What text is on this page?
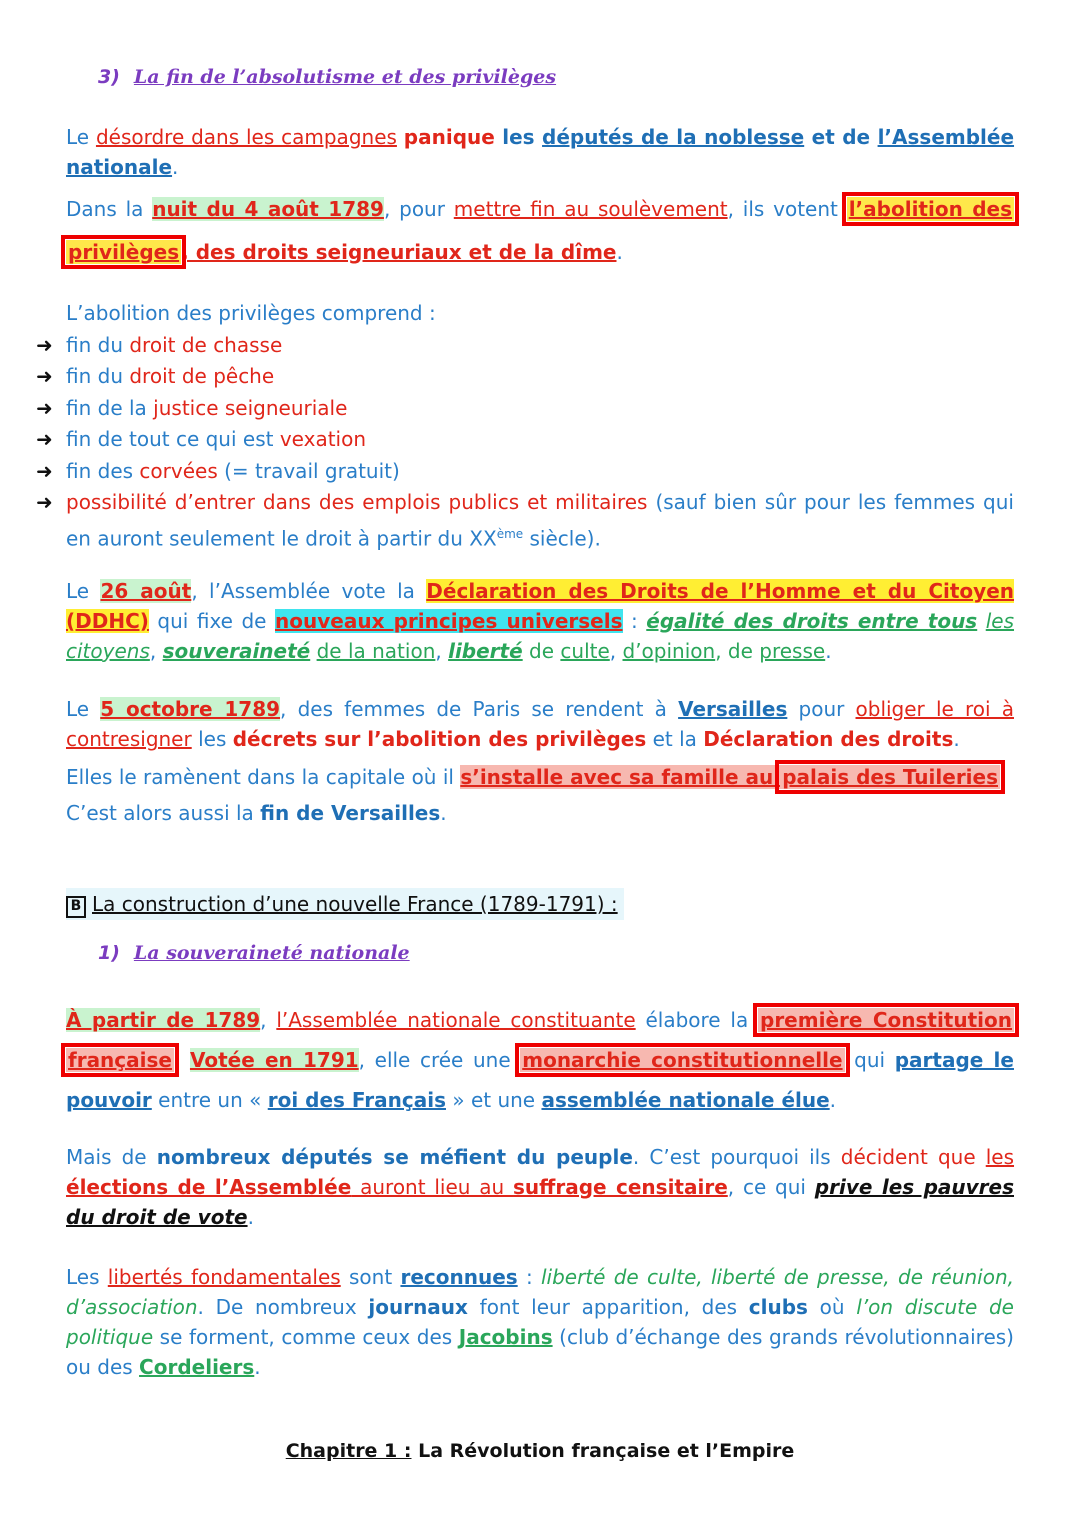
3) La fin de l’absolutisme et des privilèges
Le désordre dans les campagnes panique les députés de la noblesse et de l’Assemblée nationale.
Dans la nuit du 4 août 1789, pour mettre fin au soulèvement, ils votent l’abolition des privilèges , des droits seigneuriaux et de la dîme.
L’abolition des privilèges comprend :
➜ fin du droit de chasse
➜ fin du droit de pêche
➜ fin de la justice seigneuriale
➜ fin de tout ce qui est vexation
➜ fin des corvées (= travail gratuit)
➜ possibilité d’entrer dans des emplois publics et militaires (sauf bien sûr pour les femmes qui en auront seulement le droit à partir du XXème siècle).
Le 26 août, l’Assemblée vote la Déclaration des Droits de l’Homme et du Citoyen (DDHC) qui fixe de nouveaux principes universels : égalité des droits entre tous les citoyens, souveraineté de la nation, liberté de culte, d’opinion, de presse.
Le 5 octobre 1789, des femmes de Paris se rendent à Versailles pour obliger le roi à contresigner les décrets sur l’abolition des privilèges et la Déclaration des droits.
Elles le ramènent dans la capitale où il s’installe avec sa famille au palais des Tuileries .
C’est alors aussi la fin de Versailles.
B La construction d’une nouvelle France (1789-1791) :
1) La souveraineté nationale
À partir de 1789, l’Assemblée nationale constituante élabore la première Constitution française . Votée en 1791, elle crée une monarchie constitutionnelle qui partage le pouvoir entre un « roi des Français » et une assemblée nationale élue.
Mais de nombreux députés se méfient du peuple. C’est pourquoi ils décident que les élections de l’Assemblée auront lieu au suffrage censitaire, ce qui prive les pauvres du droit de vote.
Les libertés fondamentales sont reconnues : liberté de culte, liberté de presse, de réunion, d’association. De nombreux journaux font leur apparition, des clubs où l’on discute de politique se forment, comme ceux des Jacobins (club d’échange des grands révolutionnaires) ou des Cordeliers.
Chapitre 1 : La Révolution française et l’Empire
